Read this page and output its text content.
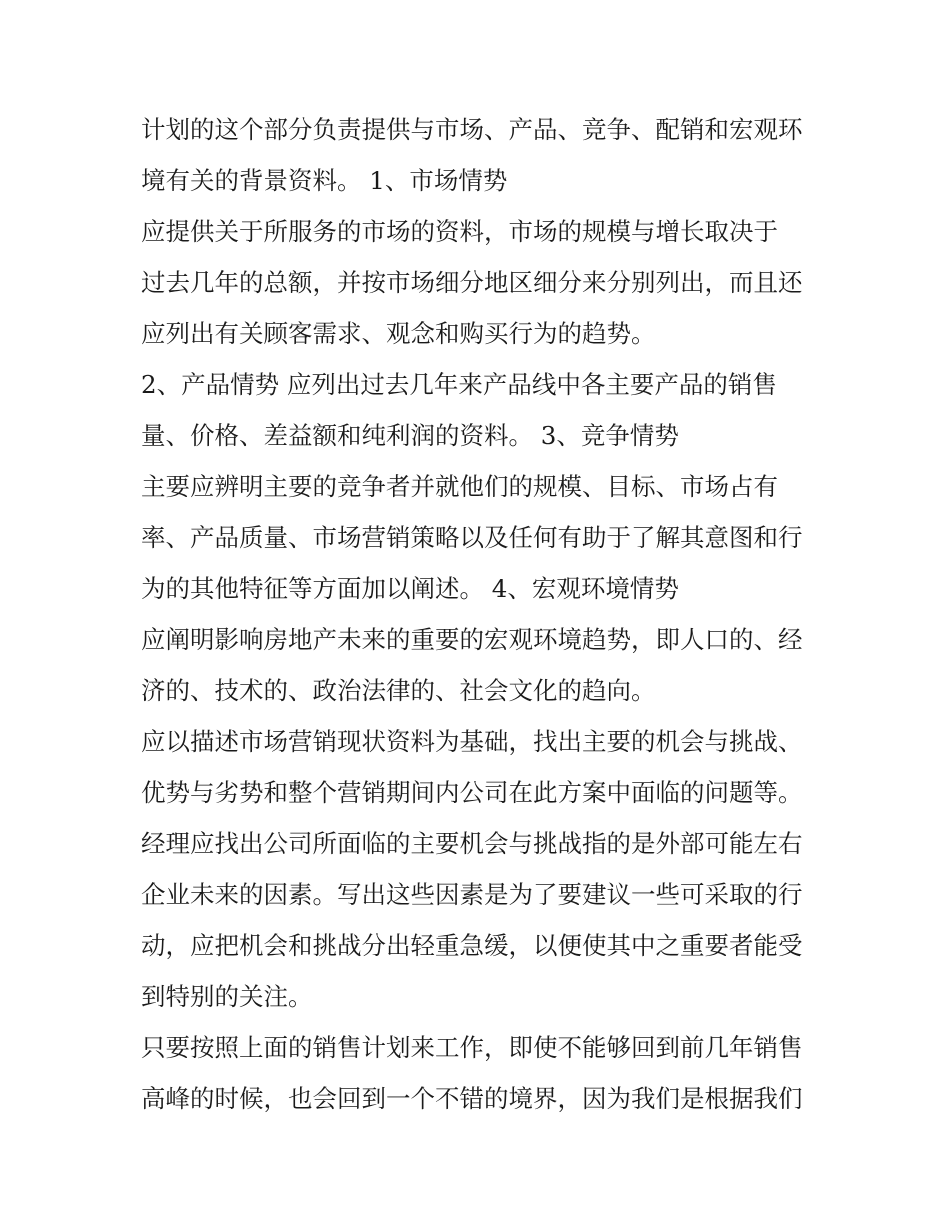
计划的这个部分负责提供与市场、产品、竞争、配销和宏观环
境有关的背景资料。 1、市场情势
应提供关于所服务的市场的资料，市场的规模与增长取决于
过去几年的总额，并按市场细分地区细分来分别列出，而且还
应列出有关顾客需求、观念和购买行为的趋势。
2、产品情势 应列出过去几年来产品线中各主要产品的销售
量、价格、差益额和纯利润的资料。 3、竞争情势
主要应辨明主要的竞争者并就他们的规模、目标、市场占有
率、产品质量、市场营销策略以及任何有助于了解其意图和行
为的其他特征等方面加以阐述。 4、宏观环境情势
应阐明影响房地产未来的重要的宏观环境趋势，即人口的、经
济的、技术的、政治法律的、社会文化的趋向。
应以描述市场营销现状资料为基础，找出主要的机会与挑战、
优势与劣势和整个营销期间内公司在此方案中面临的问题等。
经理应找出公司所面临的主要机会与挑战指的是外部可能左右
企业未来的因素。写出这些因素是为了要建议一些可采取的行
动，应把机会和挑战分出轻重急缓，以便使其中之重要者能受
到特别的关注。
只要按照上面的销售计划来工作，即使不能够回到前几年销售
高峰的时候，也会回到一个不错的境界，因为我们是根据我们
